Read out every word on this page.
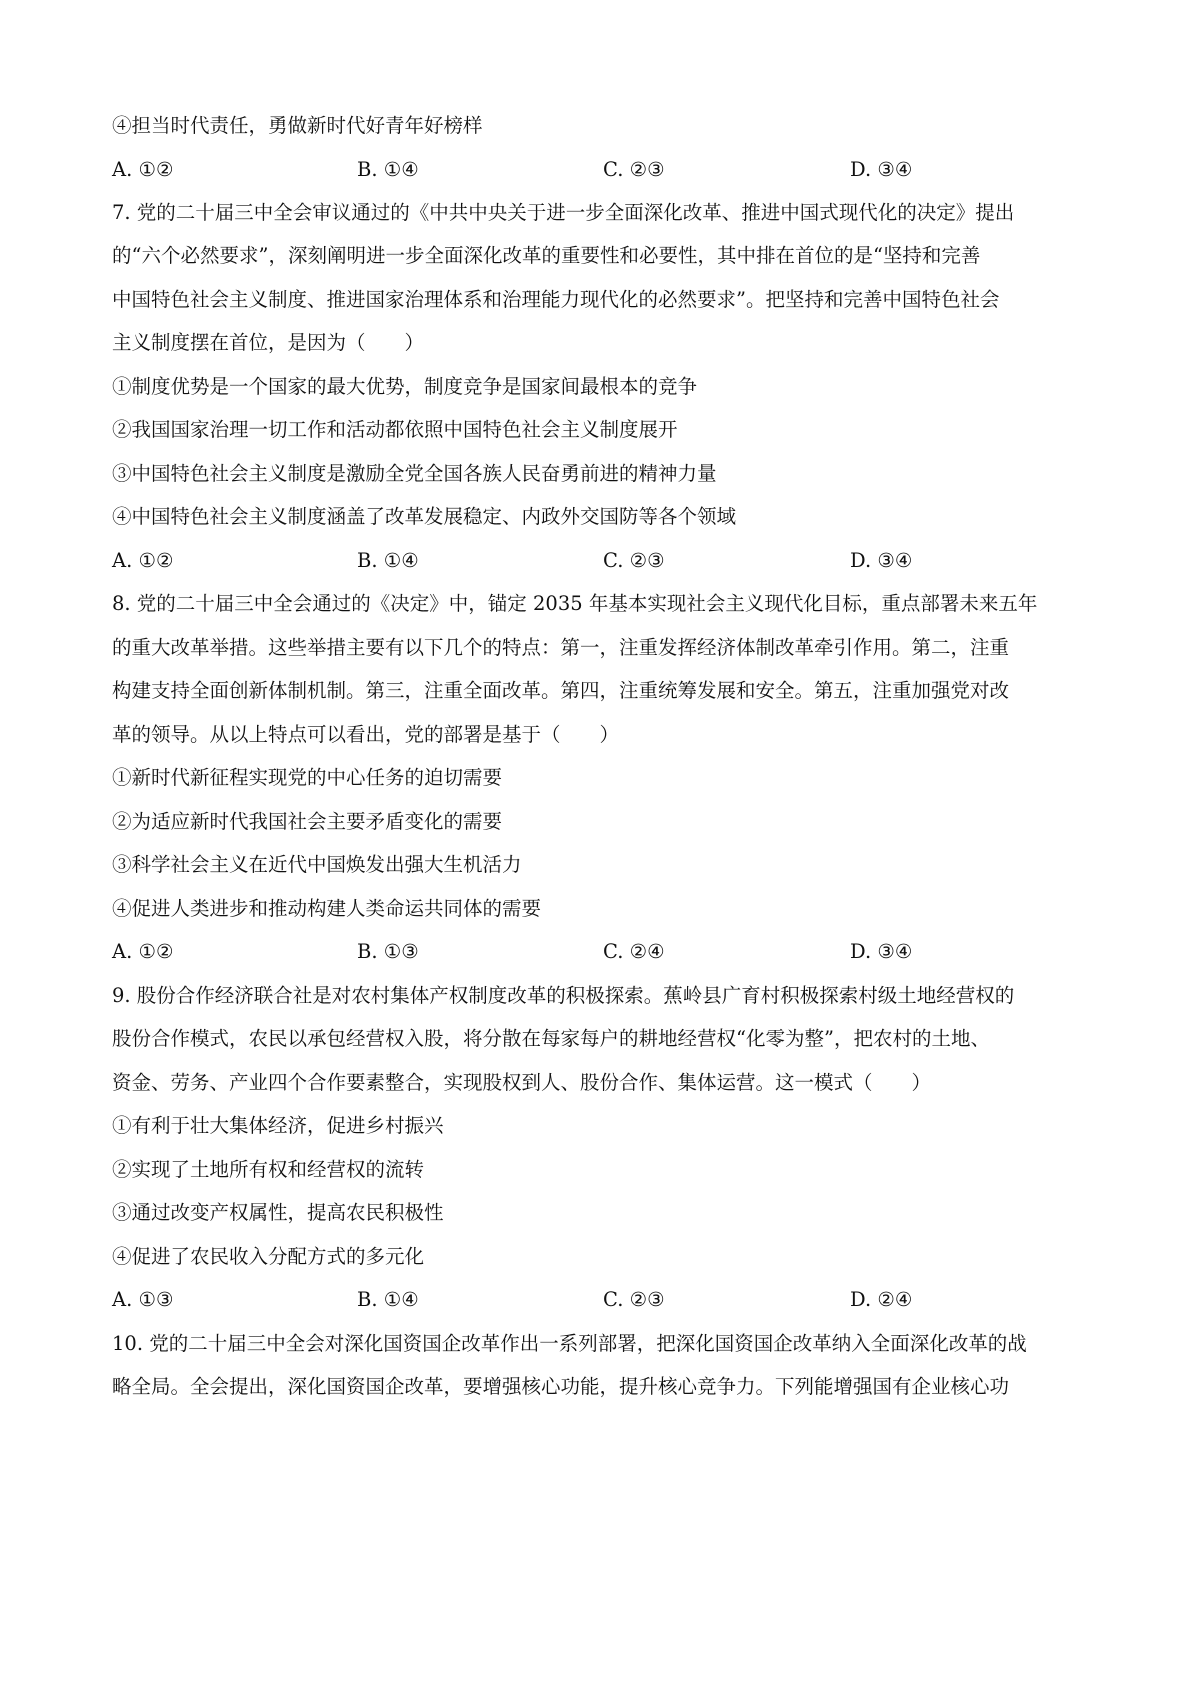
④担当时代责任，勇做新时代好青年好榜样
A. ①②	B. ①④	C. ②③	D. ③④
7. 党的二十届三中全会审议通过的《中共中央关于进一步全面深化改革、推进中国式现代化的决定》提出
的“六个必然要求”，深刻阐明进一步全面深化改革的重要性和必要性，其中排在首位的是“坚持和完善
中国特色社会主义制度、推进国家治理体系和治理能力现代化的必然要求”。把坚持和完善中国特色社会
主义制度摆在首位，是因为（　　）
①制度优势是一个国家的最大优势，制度竞争是国家间最根本的竞争
②我国国家治理一切工作和活动都依照中国特色社会主义制度展开
③中国特色社会主义制度是激励全党全国各族人民奋勇前进的精神力量
④中国特色社会主义制度涵盖了改革发展稳定、内政外交国防等各个领域
A. ①②	B. ①④	C. ②③	D. ③④
8. 党的二十届三中全会通过的《决定》中，锚定 2035 年基本实现社会主义现代化目标，重点部署未来五年
的重大改革举措。这些举措主要有以下几个的特点：第一，注重发挥经济体制改革牵引作用。第二，注重
构建支持全面创新体制机制。第三，注重全面改革。第四，注重统筹发展和安全。第五，注重加强党对改
革的领导。从以上特点可以看出，党的部署是基于（　　）
①新时代新征程实现党的中心任务的迫切需要
②为适应新时代我国社会主要矛盾变化的需要
③科学社会主义在近代中国焕发出强大生机活力
④促进人类进步和推动构建人类命运共同体的需要
A. ①②	B. ①③	C. ②④	D. ③④
9. 股份合作经济联合社是对农村集体产权制度改革的积极探索。蕉岭县广育村积极探索村级土地经营权的
股份合作模式，农民以承包经营权入股，将分散在每家每户的耕地经营权“化零为整”，把农村的土地、
资金、劳务、产业四个合作要素整合，实现股权到人、股份合作、集体运营。这一模式（　　）
①有利于壮大集体经济，促进乡村振兴
②实现了土地所有权和经营权的流转
③通过改变产权属性，提高农民积极性
④促进了农民收入分配方式的多元化
A. ①③	B. ①④	C. ②③	D. ②④
10. 党的二十届三中全会对深化国资国企改革作出一系列部署，把深化国资国企改革纳入全面深化改革的战
略全局。全会提出，深化国资国企改革，要增强核心功能，提升核心竞争力。下列能增强国有企业核心功
